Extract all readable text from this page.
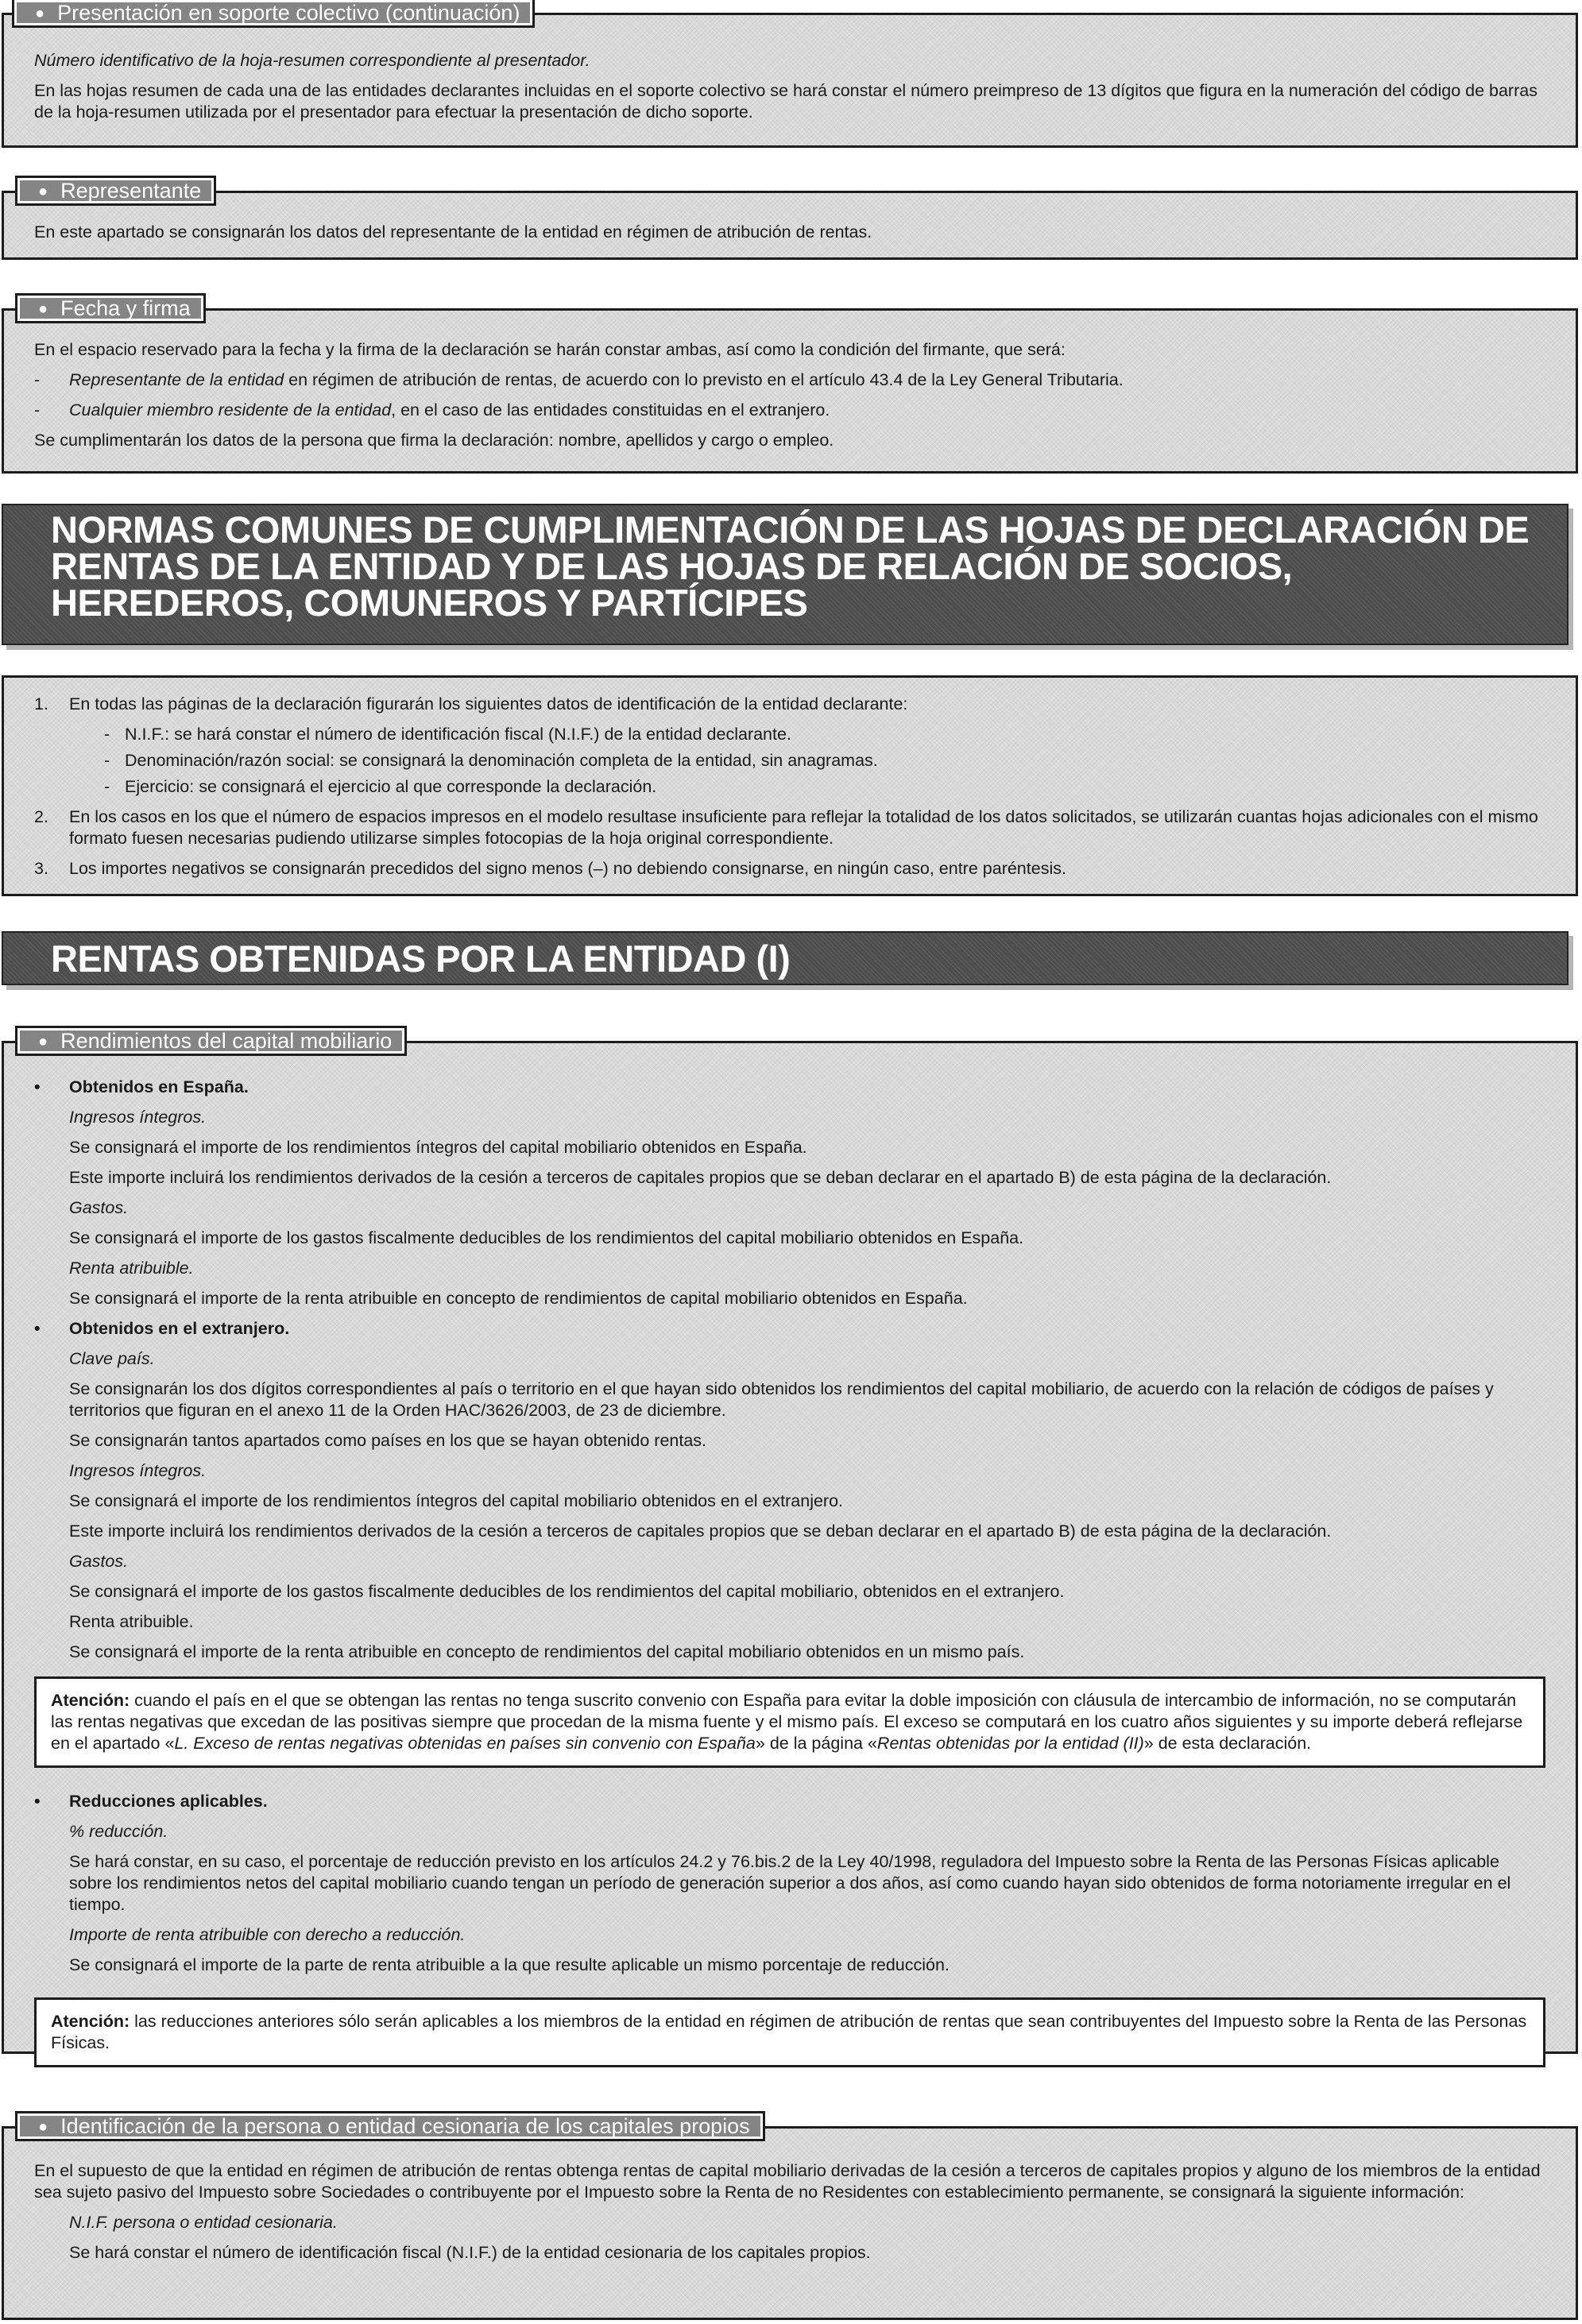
● Presentación en soporte colectivo (continuación)

Número identificativo de la hoja-resumen correspondiente al presentador.

En las hojas resumen de cada una de las entidades declarantes incluidas en el soporte colectivo se hará constar el número preimpreso de 13 dígitos que figura en la numeración del código de barras de la hoja-resumen utilizada por el presentador para efectuar la presentación de dicho soporte.

● Representante

En este apartado se consignarán los datos del representante de la entidad en régimen de atribución de rentas.

● Fecha y firma

En el espacio reservado para la fecha y la firma de la declaración se harán constar ambas, así como la condición del firmante, que será:

-	Representante de la entidad en régimen de atribución de rentas, de acuerdo con lo previsto en el artículo 43.4 de la Ley General Tributaria.
-	Cualquier miembro residente de la entidad, en el caso de las entidades constituidas en el extranjero.

Se cumplimentarán los datos de la persona que firma la declaración: nombre, apellidos y cargo o empleo.

NORMAS COMUNES DE CUMPLIMENTACIÓN DE LAS HOJAS DE DECLARACIÓN DE
RENTAS DE LA ENTIDAD Y DE LAS HOJAS DE RELACIÓN DE SOCIOS,
HEREDEROS, COMUNEROS Y PARTÍCIPES
1.	En todas las páginas de la declaración figurarán los siguientes datos de identificación de la entidad declarante:
- N.I.F.: se hará constar el número de identificación fiscal (N.I.F.) de la entidad declarante.
- Denominación/razón social: se consignará la denominación completa de la entidad, sin anagramas.
- Ejercicio: se consignará el ejercicio al que corresponde la declaración.
2.	En los casos en los que el número de espacios impresos en el modelo resultase insuficiente para reflejar la totalidad de los datos solicitados, se utilizarán cuantas hojas adicionales con el mismo formato fuesen necesarias pudiendo utilizarse simples fotocopias de la hoja original correspondiente.
3.	Los importes negativos se consignarán precedidos del signo menos (–) no debiendo consignarse, en ningún caso, entre paréntesis.
RENTAS OBTENIDAS POR LA ENTIDAD (I)
● Rendimientos del capital mobiliario
•	Obtenidos en España.

Ingresos íntegros.

Se consignará el importe de los rendimientos íntegros del capital mobiliario obtenidos en España.

Este importe incluirá los rendimientos derivados de la cesión a terceros de capitales propios que se deban declarar en el apartado B) de esta página de la declaración.

Gastos.

Se consignará el importe de los gastos fiscalmente deducibles de los rendimientos del capital mobiliario obtenidos en España.

Renta atribuible.

Se consignará el importe de la renta atribuible en concepto de rendimientos de capital mobiliario obtenidos en España.

•	Obtenidos en el extranjero.

Clave país.

Se consignarán los dos dígitos correspondientes al país o territorio en el que hayan sido obtenidos los rendimientos del capital mobiliario, de acuerdo con la relación de códigos de países y territorios que figuran en el anexo 11 de la Orden HAC/3626/2003, de 23 de diciembre.

Se consignarán tantos apartados como países en los que se hayan obtenido rentas.

Ingresos íntegros.

Se consignará el importe de los rendimientos íntegros del capital mobiliario obtenidos en el extranjero.

Este importe incluirá los rendimientos derivados de la cesión a terceros de capitales propios que se deban declarar en el apartado B) de esta página de la declaración.

Gastos.

Se consignará el importe de los gastos fiscalmente deducibles de los rendimientos del capital mobiliario, obtenidos en el extranjero.

Renta atribuible.

Se consignará el importe de la renta atribuible en concepto de rendimientos del capital mobiliario obtenidos en un mismo país.

Atención: cuando el país en el que se obtengan las rentas no tenga suscrito convenio con España para evitar la doble imposición con cláusula de intercambio de información, no se computarán las rentas negativas que excedan de las positivas siempre que procedan de la misma fuente y el mismo país. El exceso se computará en los cuatro años siguientes y su importe deberá reflejarse en el apartado «L. Exceso de rentas negativas obtenidas en países sin convenio con España» de la página «Rentas obtenidas por la entidad (II)» de esta declaración.
•	Reducciones aplicables.

% reducción.

Se hará constar, en su caso, el porcentaje de reducción previsto en los artículos 24.2 y 76.bis.2 de la Ley 40/1998, reguladora del Impuesto sobre la Renta de las Personas Físicas aplicable sobre los rendimientos netos del capital mobiliario cuando tengan un período de generación superior a dos años, así como cuando hayan sido obtenidos de forma notoriamente irregular en el tiempo.

Importe de renta atribuible con derecho a reducción.

Se consignará el importe de la parte de renta atribuible a la que resulte aplicable un mismo porcentaje de reducción.

Atención: las reducciones anteriores sólo serán aplicables a los miembros de la entidad en régimen de atribución de rentas que sean contribuyentes del Impuesto sobre la Renta de las Personas Físicas.
● Identificación de la persona o entidad cesionaria de los capitales propios

En el supuesto de que la entidad en régimen de atribución de rentas obtenga rentas de capital mobiliario derivadas de la cesión a terceros de capitales propios y alguno de los miembros de la entidad sea sujeto pasivo del Impuesto sobre Sociedades o contribuyente por el Impuesto sobre la Renta de no Residentes con establecimiento permanente, se consignará la siguiente información:

N.I.F. persona o entidad cesionaria.

Se hará constar el número de identificación fiscal (N.I.F.) de la entidad cesionaria de los capitales propios.
